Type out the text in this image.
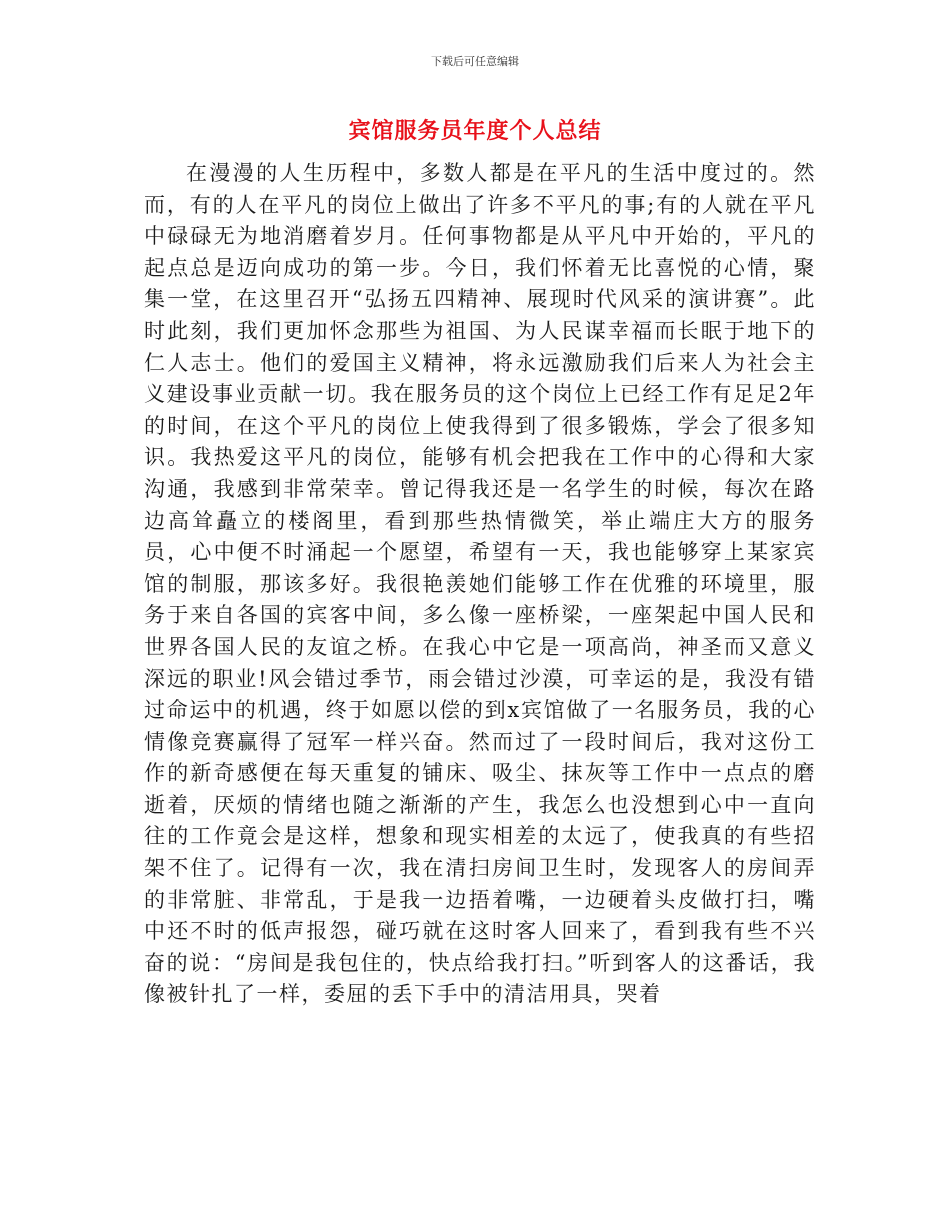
下载后可任意编辑
宾馆服务员年度个人总结

在漫漫的人生历程中，多数人都是在平凡的生活中度过的。然而，有的人在平凡的岗位上做出了许多不平凡的事;有的人就在平凡中碌碌无为地消磨着岁月。任何事物都是从平凡中开始的，平凡的起点总是迈向成功的第一步。今日，我们怀着无比喜悦的心情，聚集一堂，在这里召开“弘扬五四精神、展现时代风采的演讲赛”。此时此刻，我们更加怀念那些为祖国、为人民谋幸福而长眠于地下的仁人志士。他们的爱国主义精神，将永远激励我们后来人为社会主义建设事业贡献一切。我在服务员的这个岗位上已经工作有足足2年的时间，在这个平凡的岗位上使我得到了很多锻炼，学会了很多知识。我热爱这平凡的岗位，能够有机会把我在工作中的心得和大家沟通，我感到非常荣幸。曾记得我还是一名学生的时候，每次在路边高耸矗立的楼阁里，看到那些热情微笑，举止端庄大方的服务员，心中便不时涌起一个愿望，希望有一天，我也能够穿上某家宾馆的制服，那该多好。我很艳羡她们能够工作在优雅的环境里，服务于来自各国的宾客中间，多么像一座桥梁，一座架起中国人民和世界各国人民的友谊之桥。在我心中它是一项高尚，神圣而又意义深远的职业!风会错过季节，雨会错过沙漠，可幸运的是，我没有错过命运中的机遇，终于如愿以偿的到x宾馆做了一名服务员，我的心情像竞赛赢得了冠军一样兴奋。然而过了一段时间后，我对这份工作的新奇感便在每天重复的铺床、吸尘、抹灰等工作中一点点的磨逝着，厌烦的情绪也随之渐渐的产生，我怎么也没想到心中一直向往的工作竟会是这样，想象和现实相差的太远了，使我真的有些招架不住了。记得有一次，我在清扫房间卫生时，发现客人的房间弄的非常脏、非常乱，于是我一边捂着嘴，一边硬着头皮做打扫，嘴中还不时的低声报怨，碰巧就在这时客人回来了，看到我有些不兴奋的说：“房间是我包住的，快点给我打扫。”听到客人的这番话，我像被针扎了一样，委屈的丢下手中的清洁用具，哭着
